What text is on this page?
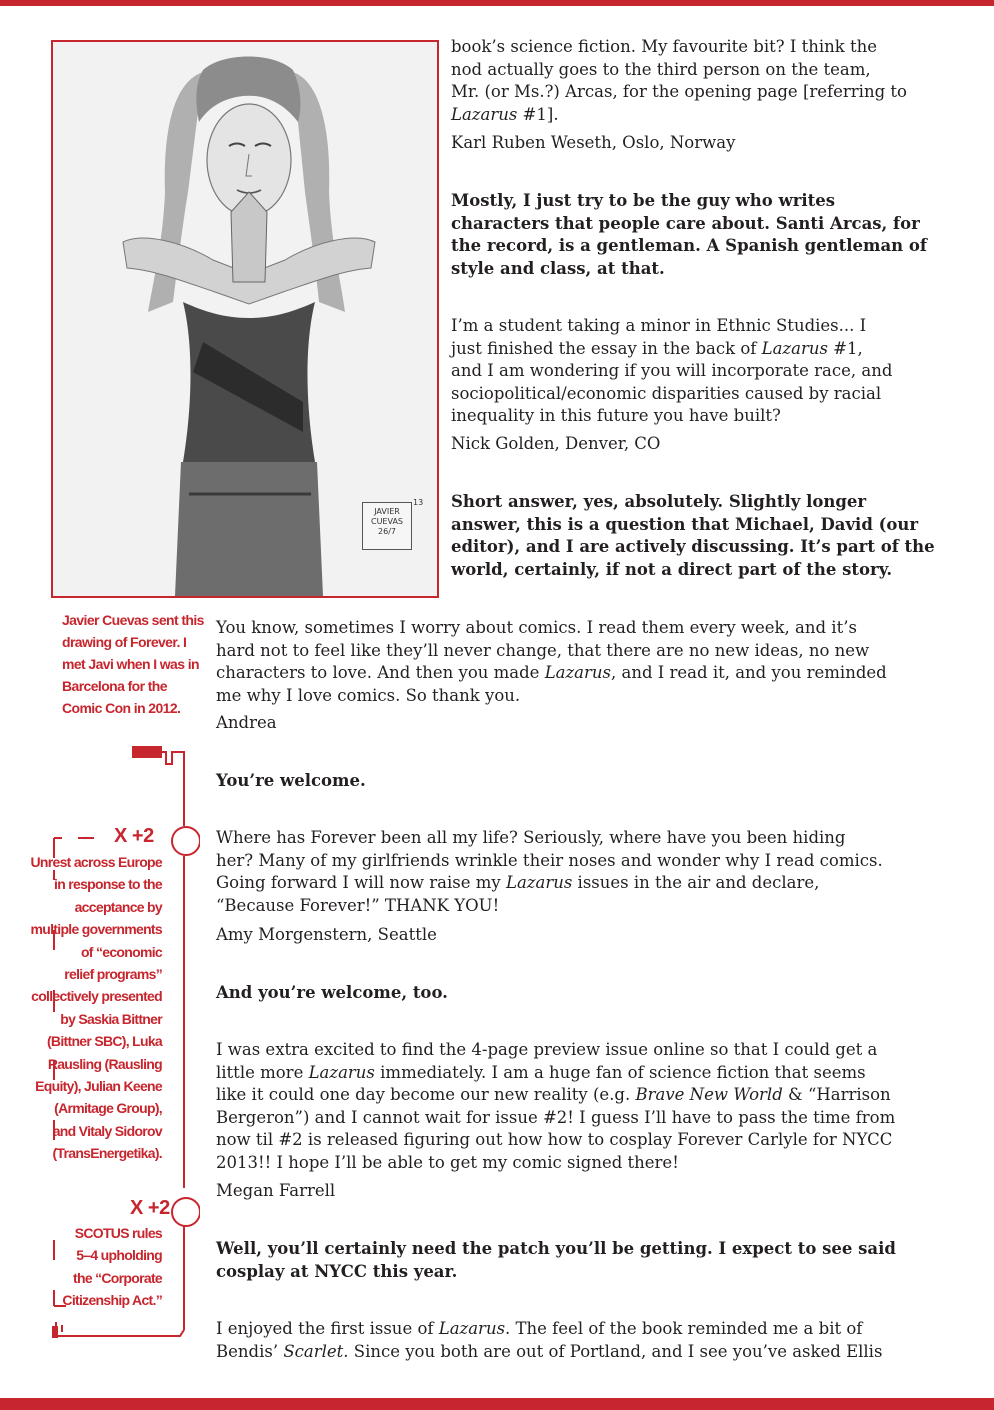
JAVIER
CUEVAS
26/7
13
Javier Cuevas sent this
drawing of Forever. I
met Javi when I was in
Barcelona for the
Comic Con in 2012.
X +2
Unrest across Europe
in response to the
acceptance by
multiple governments
of “economic
relief programs”
collectively presented
by Saskia Bittner
(Bittner SBC), Luka
Rausling (Rausling
Equity), Julian Keene
(Armitage Group),
and Vitaly Sidorov
(TransEnergetika).
X +2
SCOTUS rules
5–4 upholding
the “Corporate
Citizenship Act.”
book’s science fiction. My favourite bit? I think the
nod actually goes to the third person on the team,
Mr. (or Ms.?) Arcas, for the opening page [referring to
Lazarus #1].
Karl Ruben Weseth, Oslo, Norway
Mostly, I just try to be the guy who writes
characters that people care about. Santi Arcas, for
the record, is a gentleman. A Spanish gentleman of
style and class, at that.
I’m a student taking a minor in Ethnic Studies... I
just finished the essay in the back of Lazarus #1,
and I am wondering if you will incorporate race, and
sociopolitical/economic disparities caused by racial
inequality in this future you have built?
Nick Golden, Denver, CO
Short answer, yes, absolutely. Slightly longer
answer, this is a question that Michael, David (our
editor), and I are actively discussing. It’s part of the
world, certainly, if not a direct part of the story.
You know, sometimes I worry about comics. I read them every week, and it’s
hard not to feel like they’ll never change, that there are no new ideas, no new
characters to love. And then you made Lazarus, and I read it, and you reminded
me why I love comics. So thank you.
Andrea
You’re welcome.
Where has Forever been all my life? Seriously, where have you been hiding
her? Many of my girlfriends wrinkle their noses and wonder why I read comics.
Going forward I will now raise my Lazarus issues in the air and declare,
“Because Forever!” THANK YOU!
Amy Morgenstern, Seattle
And you’re welcome, too.
I was extra excited to find the 4-page preview issue online so that I could get a
little more Lazarus immediately. I am a huge fan of science fiction that seems
like it could one day become our new reality (e.g. Brave New World & “Harrison
Bergeron”) and I cannot wait for issue #2! I guess I’ll have to pass the time from
now til #2 is released figuring out how how to cosplay Forever Carlyle for NYCC
2013!! I hope I’ll be able to get my comic signed there!
Megan Farrell
Well, you’ll certainly need the patch you’ll be getting. I expect to see said
cosplay at NYCC this year.
I enjoyed the first issue of Lazarus. The feel of the book reminded me a bit of
Bendis’ Scarlet. Since you both are out of Portland, and I see you’ve asked Ellis
